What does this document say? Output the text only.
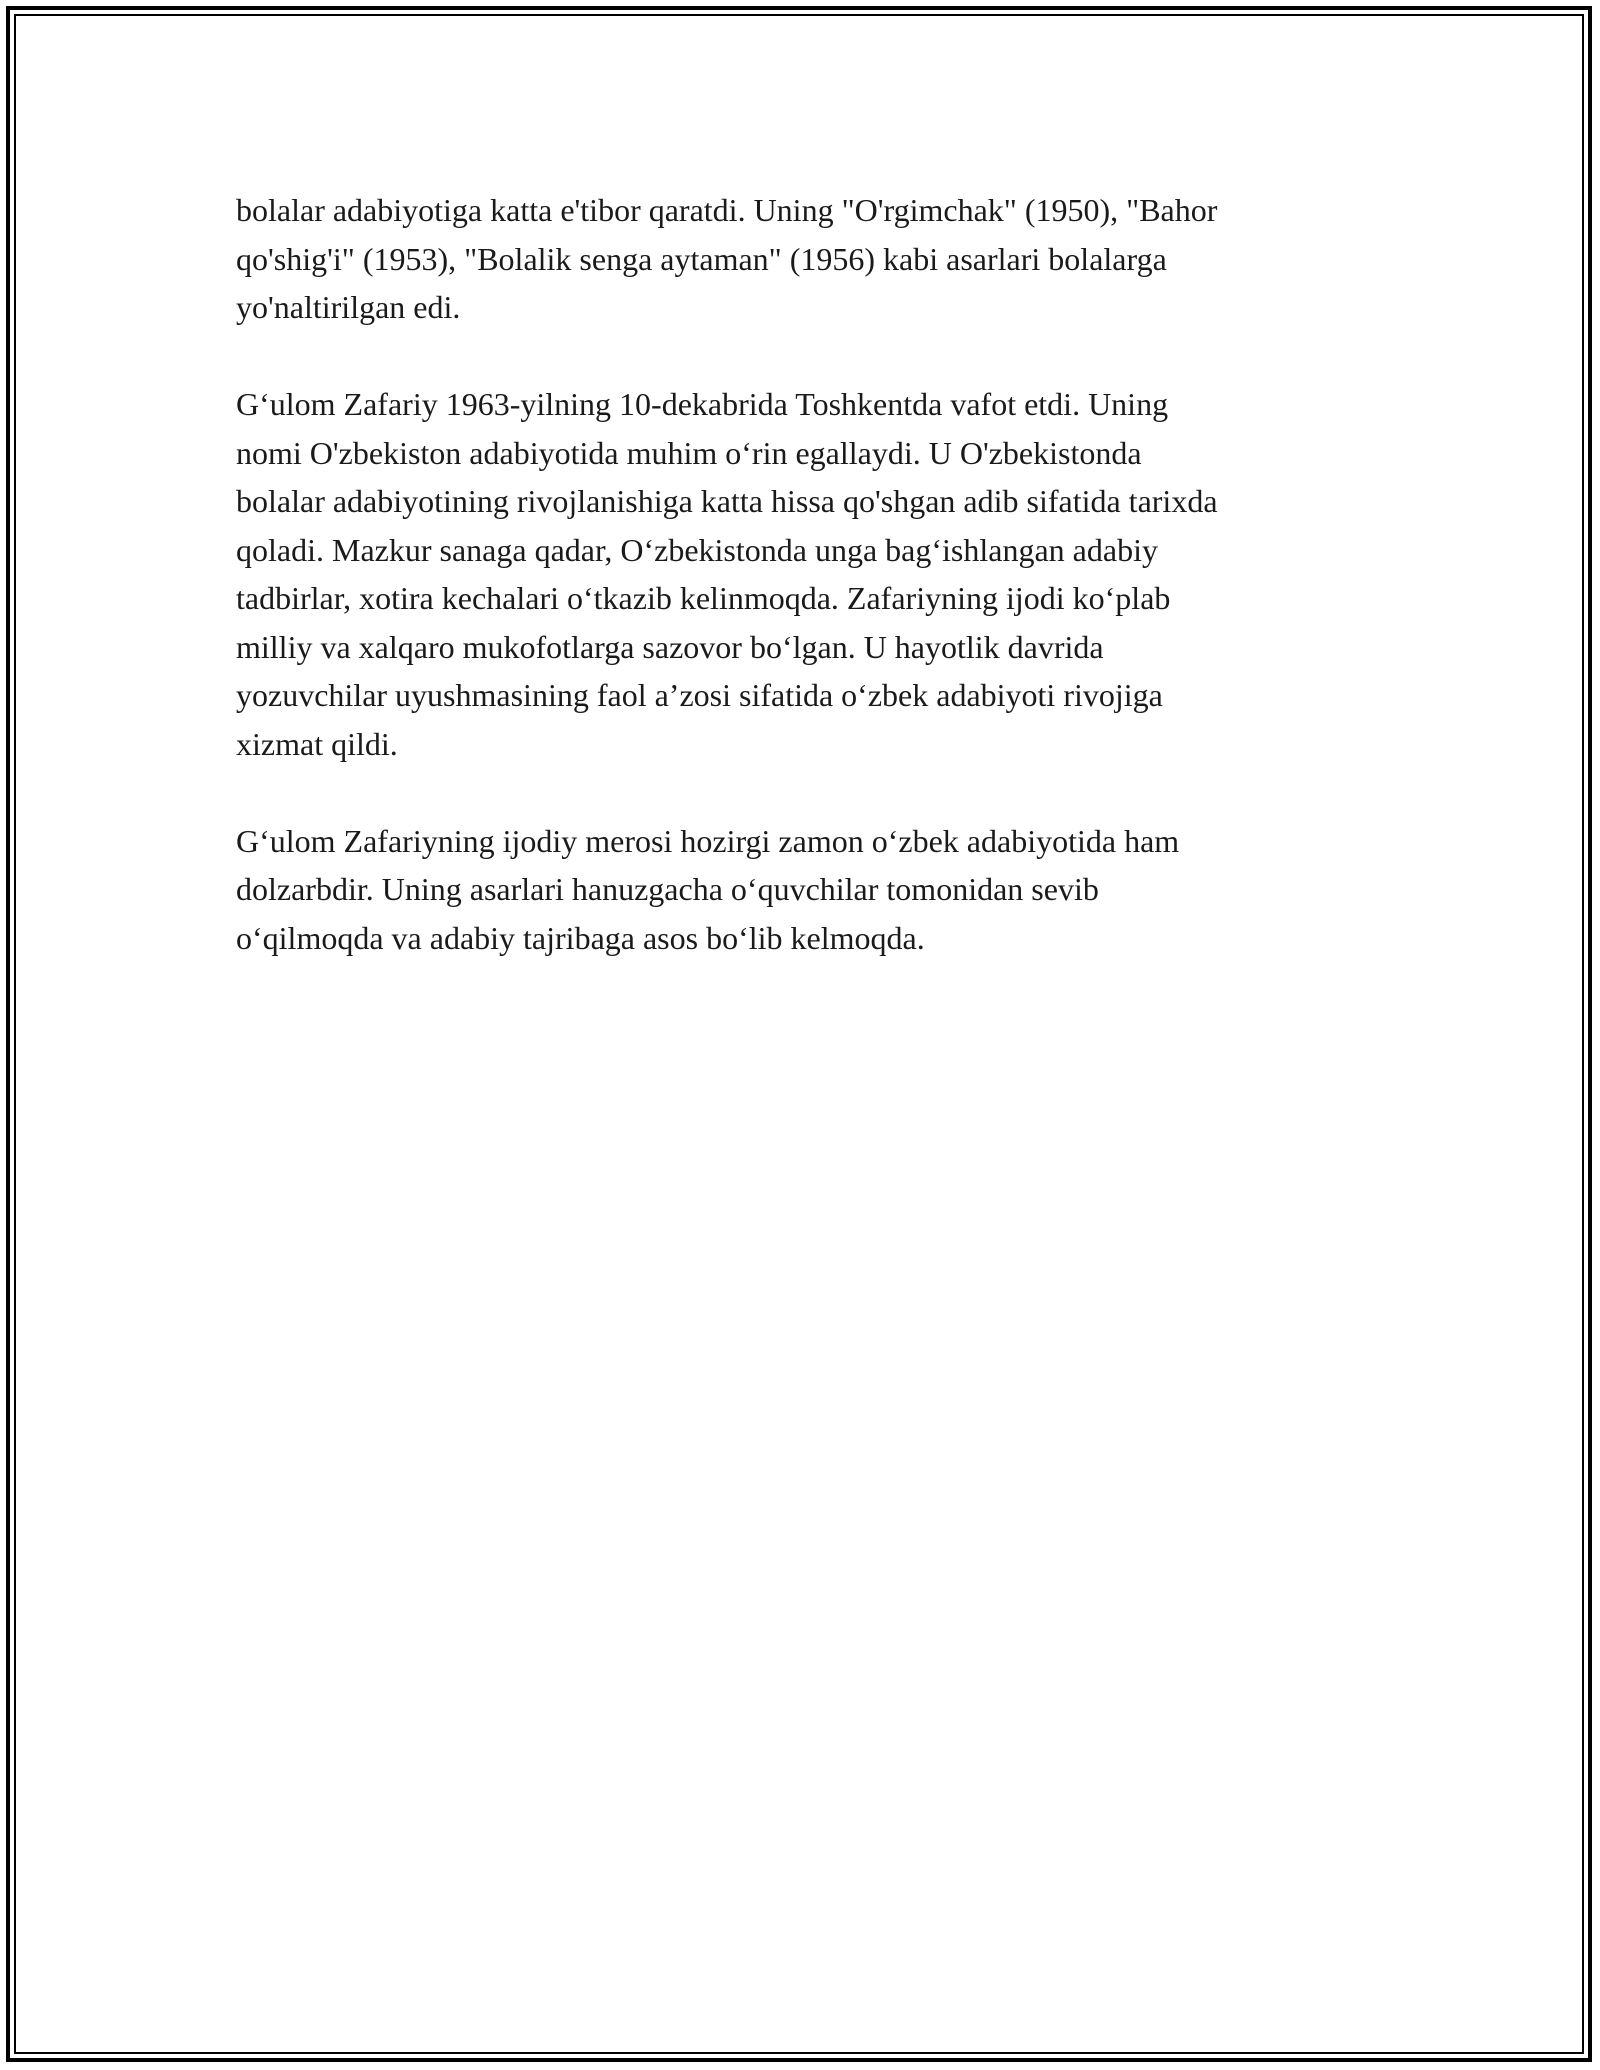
bolalar adabiyotiga katta e'tibor qaratdi. Uning "O'rgimchak" (1950), "Bahor
qo'shig'i" (1953), "Bolalik senga aytaman" (1956) kabi asarlari bolalarga
yo'naltirilgan edi.

G‘ulom Zafariy 1963-yilning 10-dekabrida Toshkentda vafot etdi. Uning
nomi O'zbekiston adabiyotida muhim o‘rin egallaydi. U O'zbekistonda
bolalar adabiyotining rivojlanishiga katta hissa qo'shgan adib sifatida tarixda
qoladi. Mazkur sanaga qadar, O‘zbekistonda unga bag‘ishlangan adabiy
tadbirlar, xotira kechalari o‘tkazib kelinmoqda. Zafariyning ijodi ko‘plab
milliy va xalqaro mukofotlarga sazovor bo‘lgan. U hayotlik davrida
yozuvchilar uyushmasining faol a’zosi sifatida o‘zbek adabiyoti rivojiga
xizmat qildi.

G‘ulom Zafariyning ijodiy merosi hozirgi zamon o‘zbek adabiyotida ham
dolzarbdir. Uning asarlari hanuzgacha o‘quvchilar tomonidan sevib
o‘qilmoqda va adabiy tajribaga asos bo‘lib kelmoqda.
